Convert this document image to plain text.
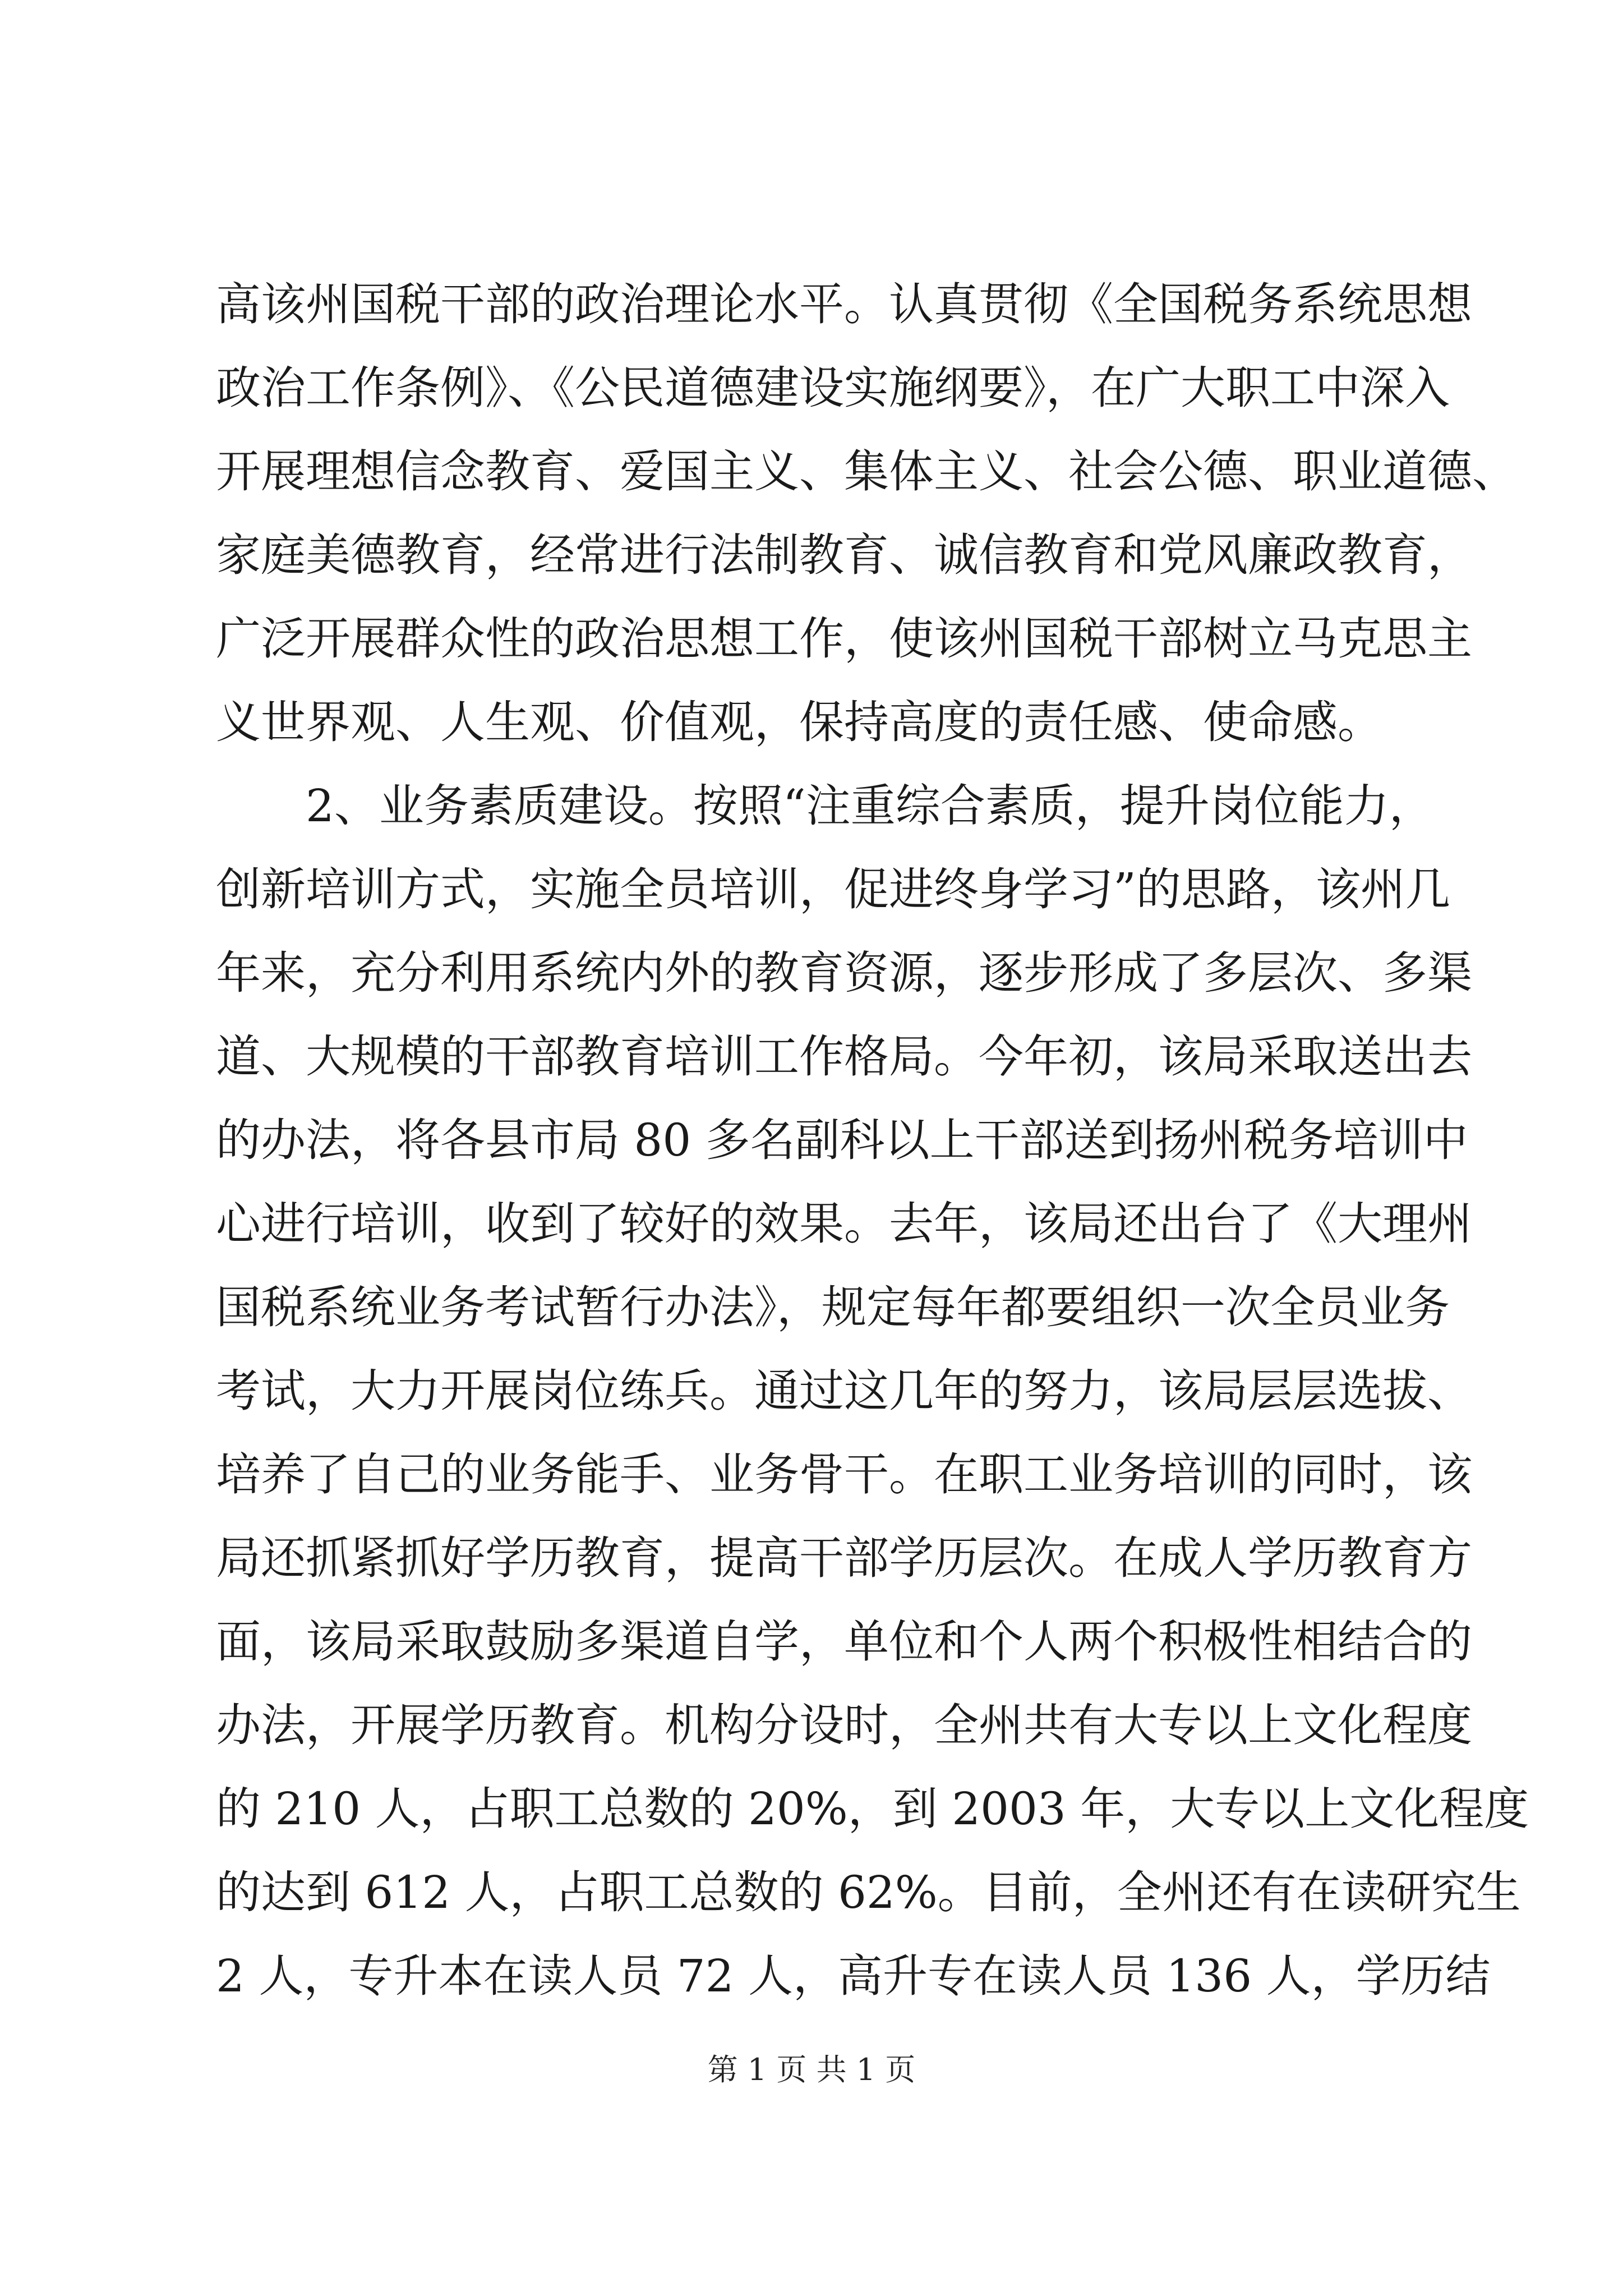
高该州国税干部的政治理论水平。认真贯彻《全国税务系统思想
政治工作条例》、《公民道德建设实施纲要》，在广大职工中深入
开展理想信念教育、爱国主义、集体主义、社会公德、职业道德、
家庭美德教育，经常进行法制教育、诚信教育和党风廉政教育，
广泛开展群众性的政治思想工作，使该州国税干部树立马克思主
义世界观、人生观、价值观，保持高度的责任感、使命感。
　　2、业务素质建设。按照“注重综合素质，提升岗位能力，
创新培训方式，实施全员培训，促进终身学习”的思路，该州几
年来，充分利用系统内外的教育资源，逐步形成了多层次、多渠
道、大规模的干部教育培训工作格局。今年初，该局采取送出去
的办法，将各县市局 80 多名副科以上干部送到扬州税务培训中
心进行培训，收到了较好的效果。去年，该局还出台了《大理州
国税系统业务考试暂行办法》，规定每年都要组织一次全员业务
考试，大力开展岗位练兵。通过这几年的努力，该局层层选拔、
培养了自己的业务能手、业务骨干。在职工业务培训的同时，该
局还抓紧抓好学历教育，提高干部学历层次。在成人学历教育方
面，该局采取鼓励多渠道自学，单位和个人两个积极性相结合的
办法，开展学历教育。机构分设时，全州共有大专以上文化程度
的 210 人，占职工总数的 20%，到 2003 年，大专以上文化程度
的达到 612 人，占职工总数的 62%。目前，全州还有在读研究生
2 人，专升本在读人员 72 人，高升专在读人员 136 人，学历结
第 1 页 共 1 页
